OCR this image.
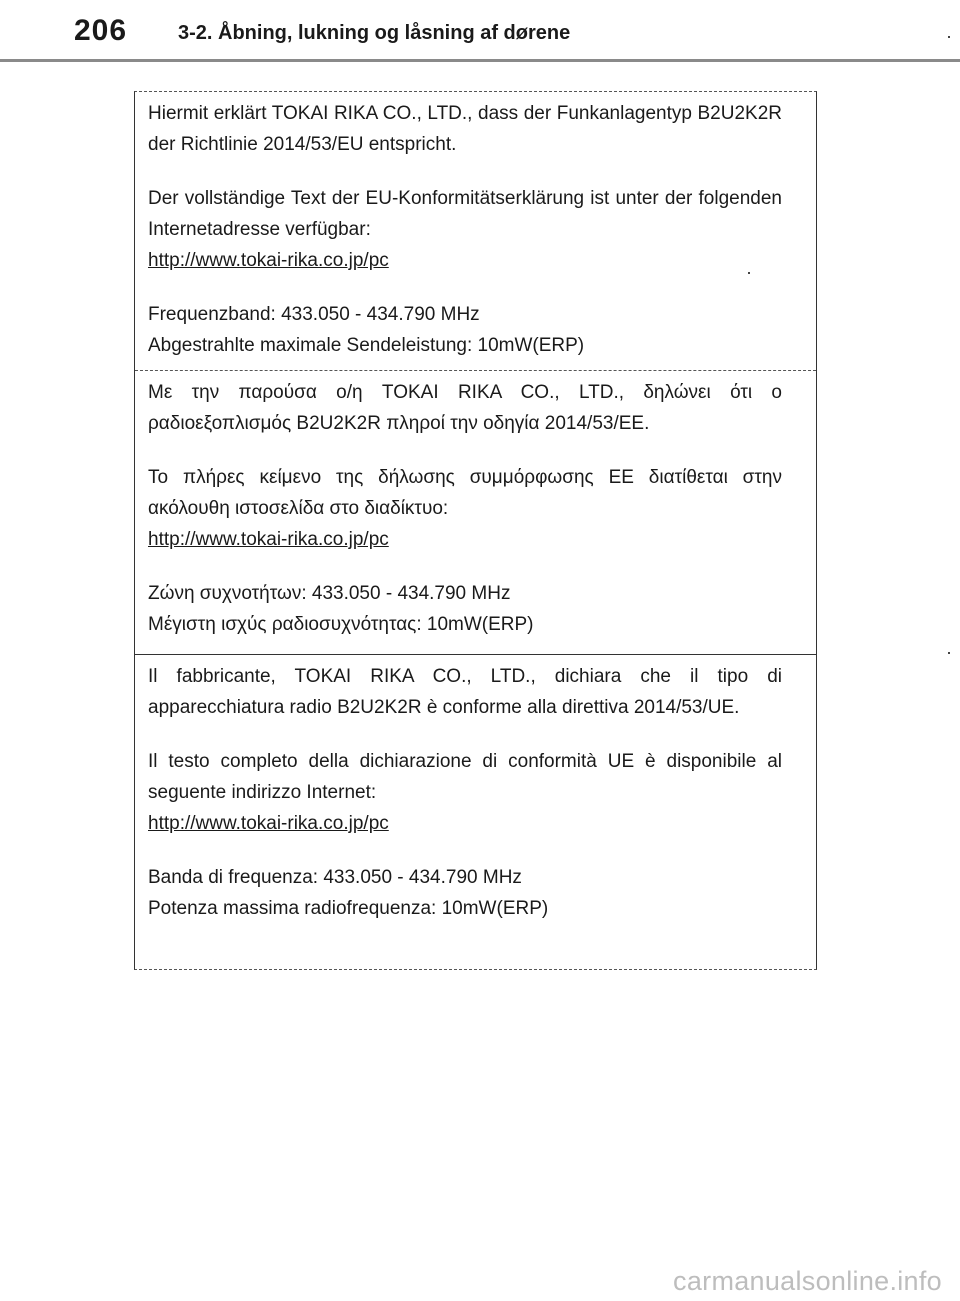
206	3-2. Åbning, lukning og låsning af dørene

Hiermit erklärt TOKAI RIKA CO., LTD., dass der Funkanlagentyp B2U2K2R der Richtlinie 2014/53/EU entspricht.

Der vollständige Text der EU-Konformitätserklärung ist unter der folgenden Internetadresse verfügbar:

http://www.tokai-rika.co.jp/pc

Frequenzband: 433.050 - 434.790 MHz

Abgestrahlte maximale Sendeleistung: 10mW(ERP)

Με την παρούσα ο/η TOKAI RIKA CO., LTD., δηλώνει ότι ο ραδιοεξοπλισμός B2U2K2R πληροί την οδηγία 2014/53/ΕΕ.

Το πλήρες κείμενο της δήλωσης συμμόρφωσης ΕΕ διατίθεται στην ακόλουθη ιστοσελίδα στο διαδίκτυο:

http://www.tokai-rika.co.jp/pc

Ζώνη συχνοτήτων: 433.050 - 434.790 MHz

Μέγιστη ισχύς ραδιοσυχνότητας: 10mW(ERP)

Il fabbricante, TOKAI RIKA CO., LTD., dichiara che il tipo di apparecchiatura radio B2U2K2R è conforme alla direttiva 2014/53/UE.

Il testo completo della dichiarazione di conformità UE è disponibile al seguente indirizzo Internet:

http://www.tokai-rika.co.jp/pc

Banda di frequenza: 433.050 - 434.790 MHz

Potenza massima radiofrequenza: 10mW(ERP)

carmanualsonline.info
